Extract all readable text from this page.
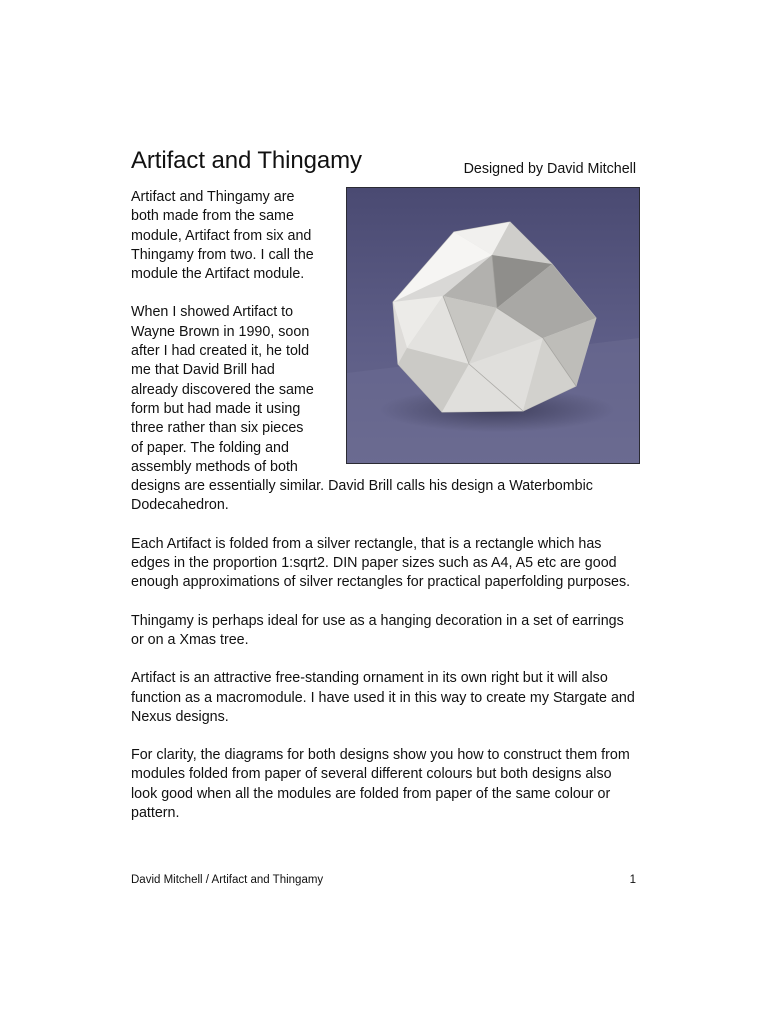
Artifact and Thingamy	Designed by David Mitchell

Artifact and Thingamy are both made from the same module, Artifact from six and Thingamy from two. I call the module the Artifact module.

When I showed Artifact to Wayne Brown in 1990, soon after I had created it, he told me that David Brill had already discovered the same form but had made it using three rather than six pieces of paper. The folding and assembly methods of both designs are essentially similar. David Brill calls his design a Waterbombic Dodecahedron.

Each Artifact is folded from a silver rectangle, that is a rectangle which has edges in the proportion 1:sqrt2. DIN paper sizes such as A4, A5 etc are good enough approximations of silver rectangles for practical paperfolding purposes.

Thingamy is perhaps ideal for use as a hanging decoration in a set of earrings or on a Xmas tree.

Artifact is an attractive free-standing ornament in its own right but it will also function as a macromodule. I have used it in this way to create my Stargate and Nexus designs.

For clarity, the diagrams for both designs show you how to construct them from modules folded from paper of several different colours but both designs also look good when all the modules are folded from paper of the same colour or pattern.

David Mitchell / Artifact and Thingamy	1
